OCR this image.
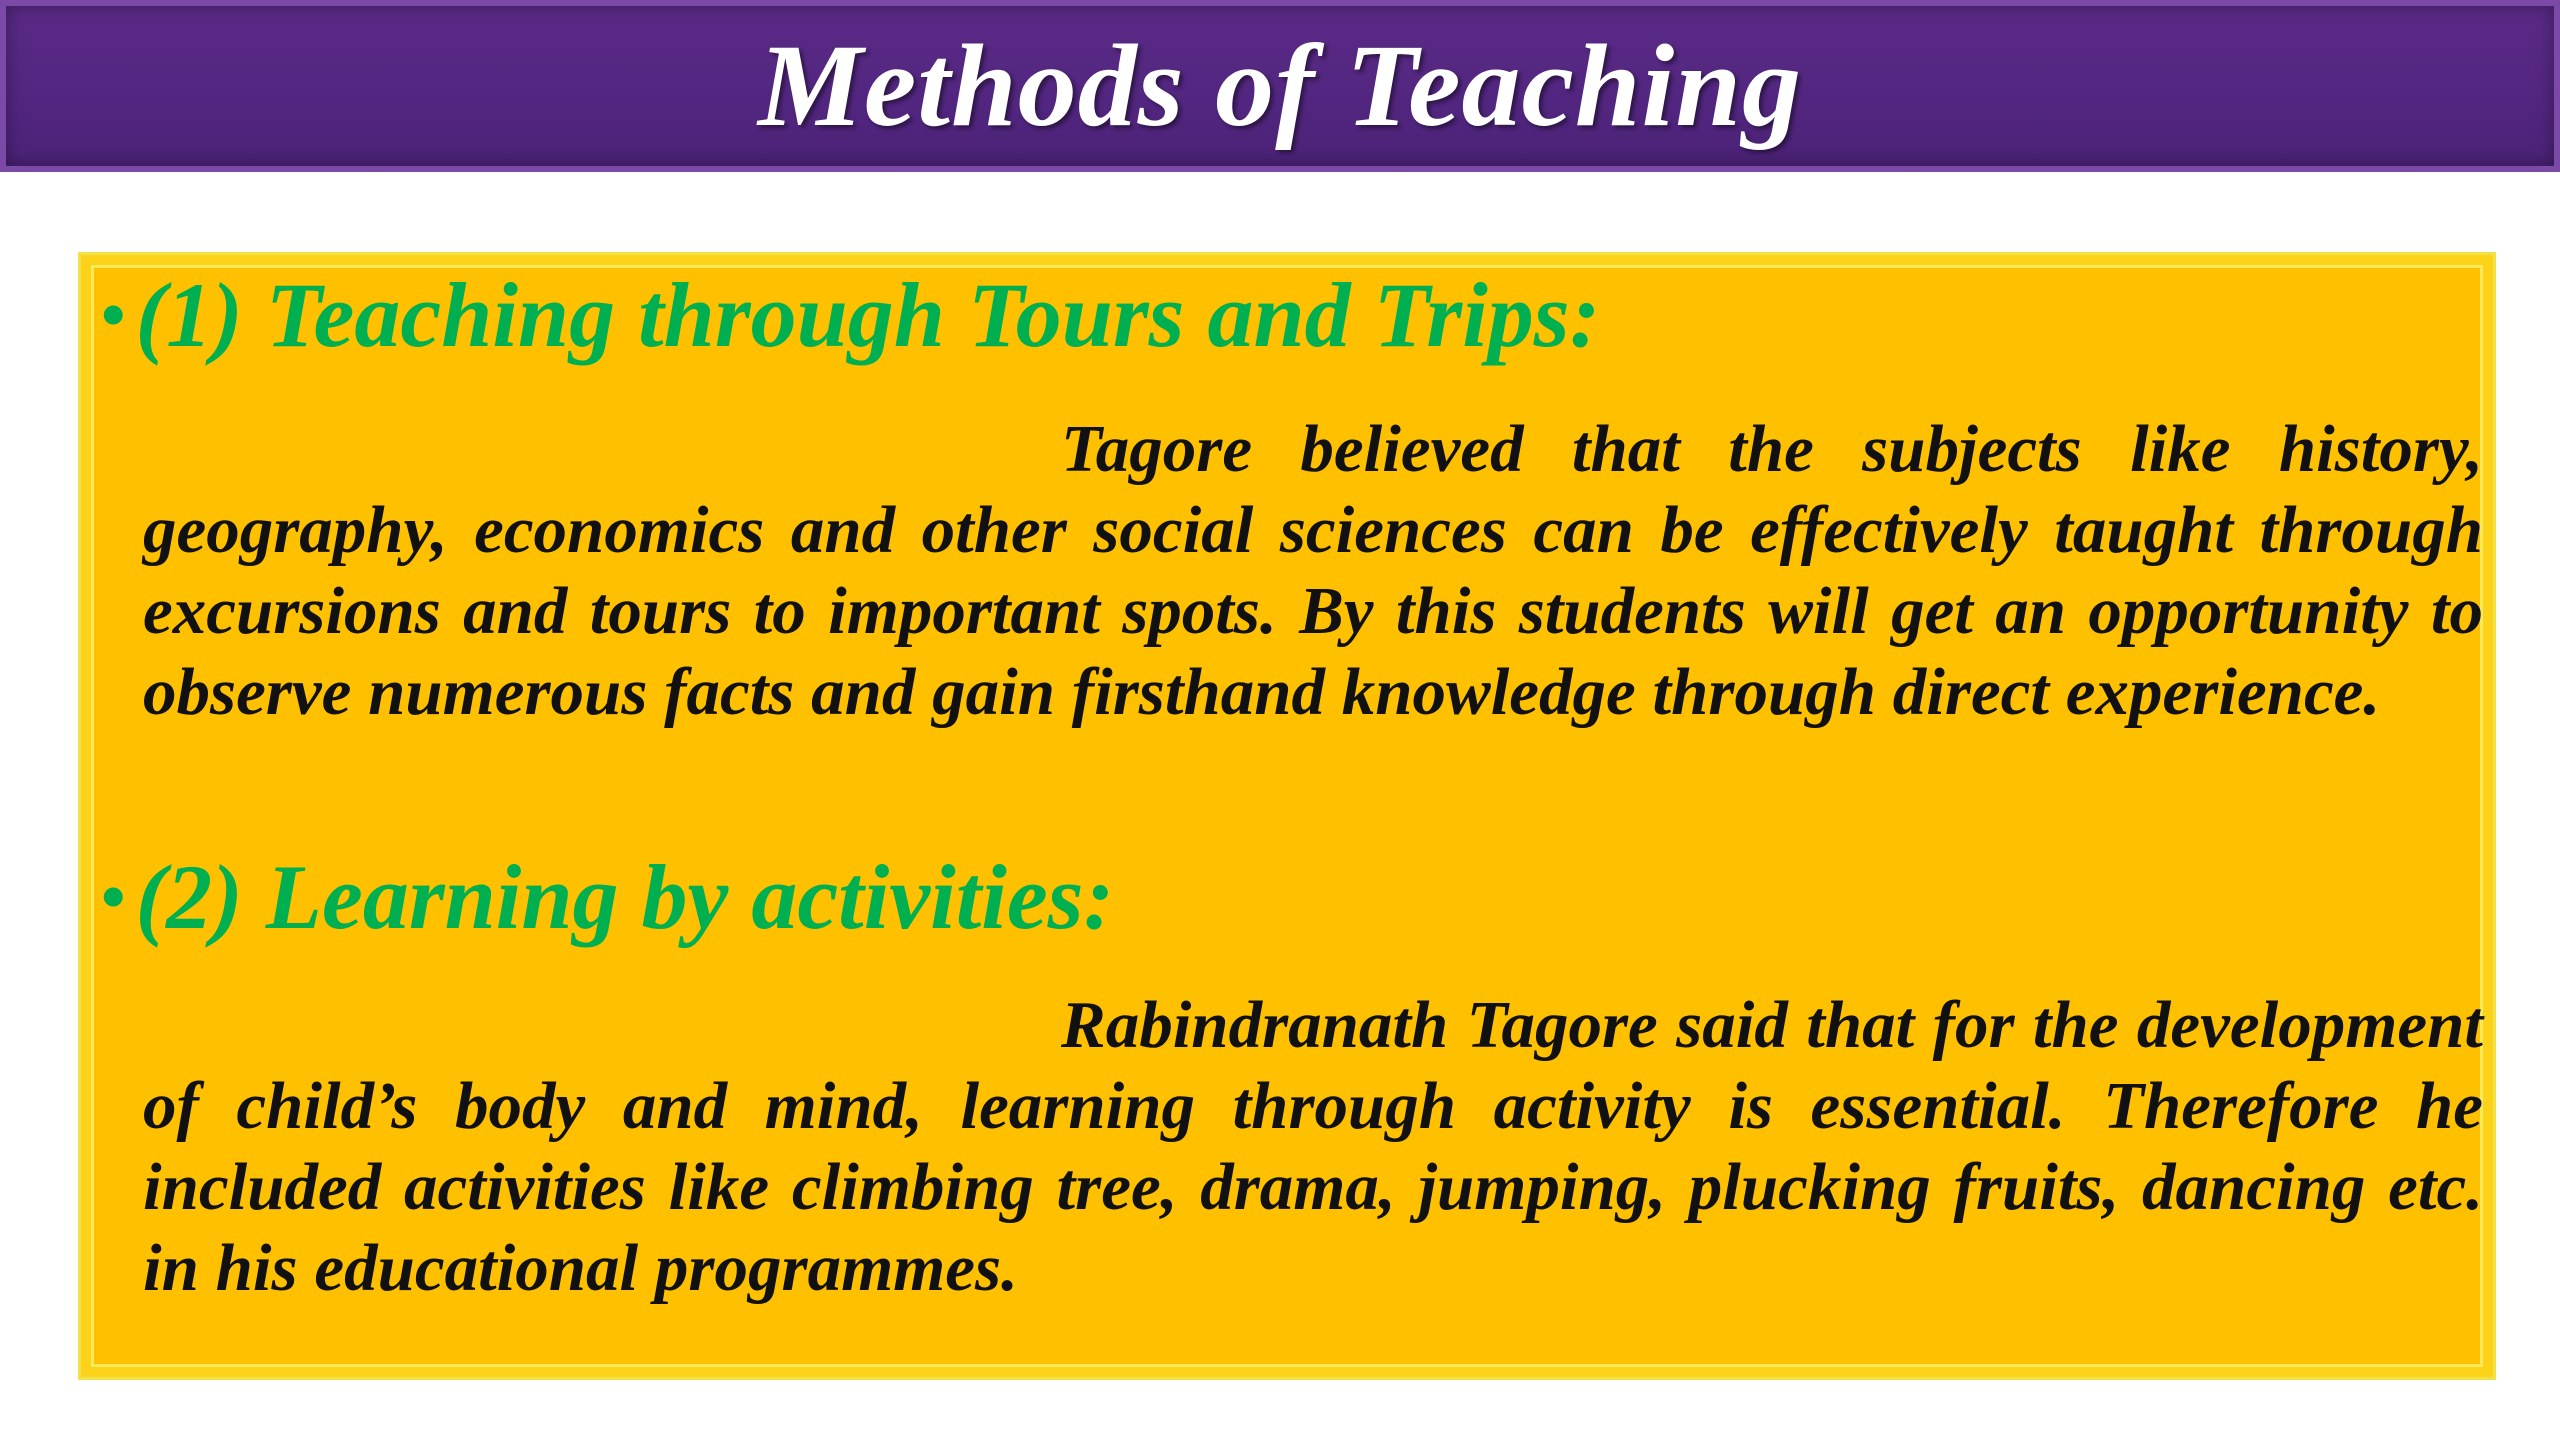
Methods of Teaching
• (1) Teaching through Tours and Trips:

Tagore believed that the subjects like history, geography, economics and other social sciences can be effectively taught through excursions and tours to important spots. By this students will get an opportunity to observe numerous facts and gain firsthand knowledge through direct experience.

• (2) Learning by activities:

Rabindranath Tagore said that for the development of child’s body and mind, learning through activity is essential. Therefore he included activities like climbing tree, drama, jumping, plucking fruits, dancing etc. in his educational programmes.
